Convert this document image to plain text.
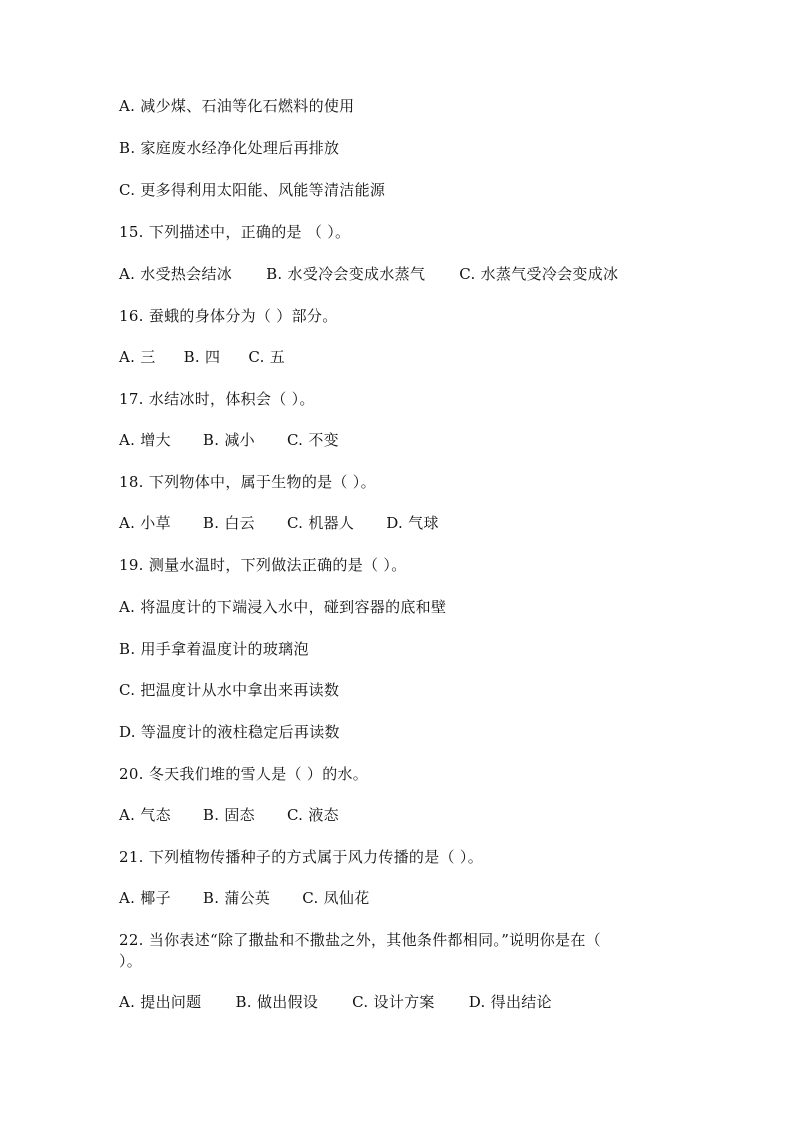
A. 减少煤、石油等化石燃料的使用
B. 家庭废水经净化处理后再排放
C. 更多得利用太阳能、风能等清洁能源
15. 下列描述中，正确的是 （ ）。
A. 水受热会结冰 B. 水受冷会变成水蒸气 C. 水蒸气受冷会变成冰
16. 蚕蛾的身体分为（ ）部分。
A. 三 B. 四 C. 五
17. 水结冰时，体积会（ ）。
A. 增大 B. 减小 C. 不变
18. 下列物体中，属于生物的是（ ）。
A. 小草 B. 白云 C. 机器人 D. 气球
19. 测量水温时，下列做法正确的是（ ）。
A. 将温度计的下端浸入水中，碰到容器的底和壁
B. 用手拿着温度计的玻璃泡
C. 把温度计从水中拿出来再读数
D. 等温度计的液柱稳定后再读数
20. 冬天我们堆的雪人是（ ）的水。
A. 气态 B. 固态 C. 液态
21. 下列植物传播种子的方式属于风力传播的是（ ）。
A. 椰子 B. 蒲公英 C. 凤仙花
22. 当你表述“除了撒盐和不撒盐之外，其他条件都相同。”说明你是在（
）。
A. 提出问题 B. 做出假设 C. 设计方案 D. 得出结论
